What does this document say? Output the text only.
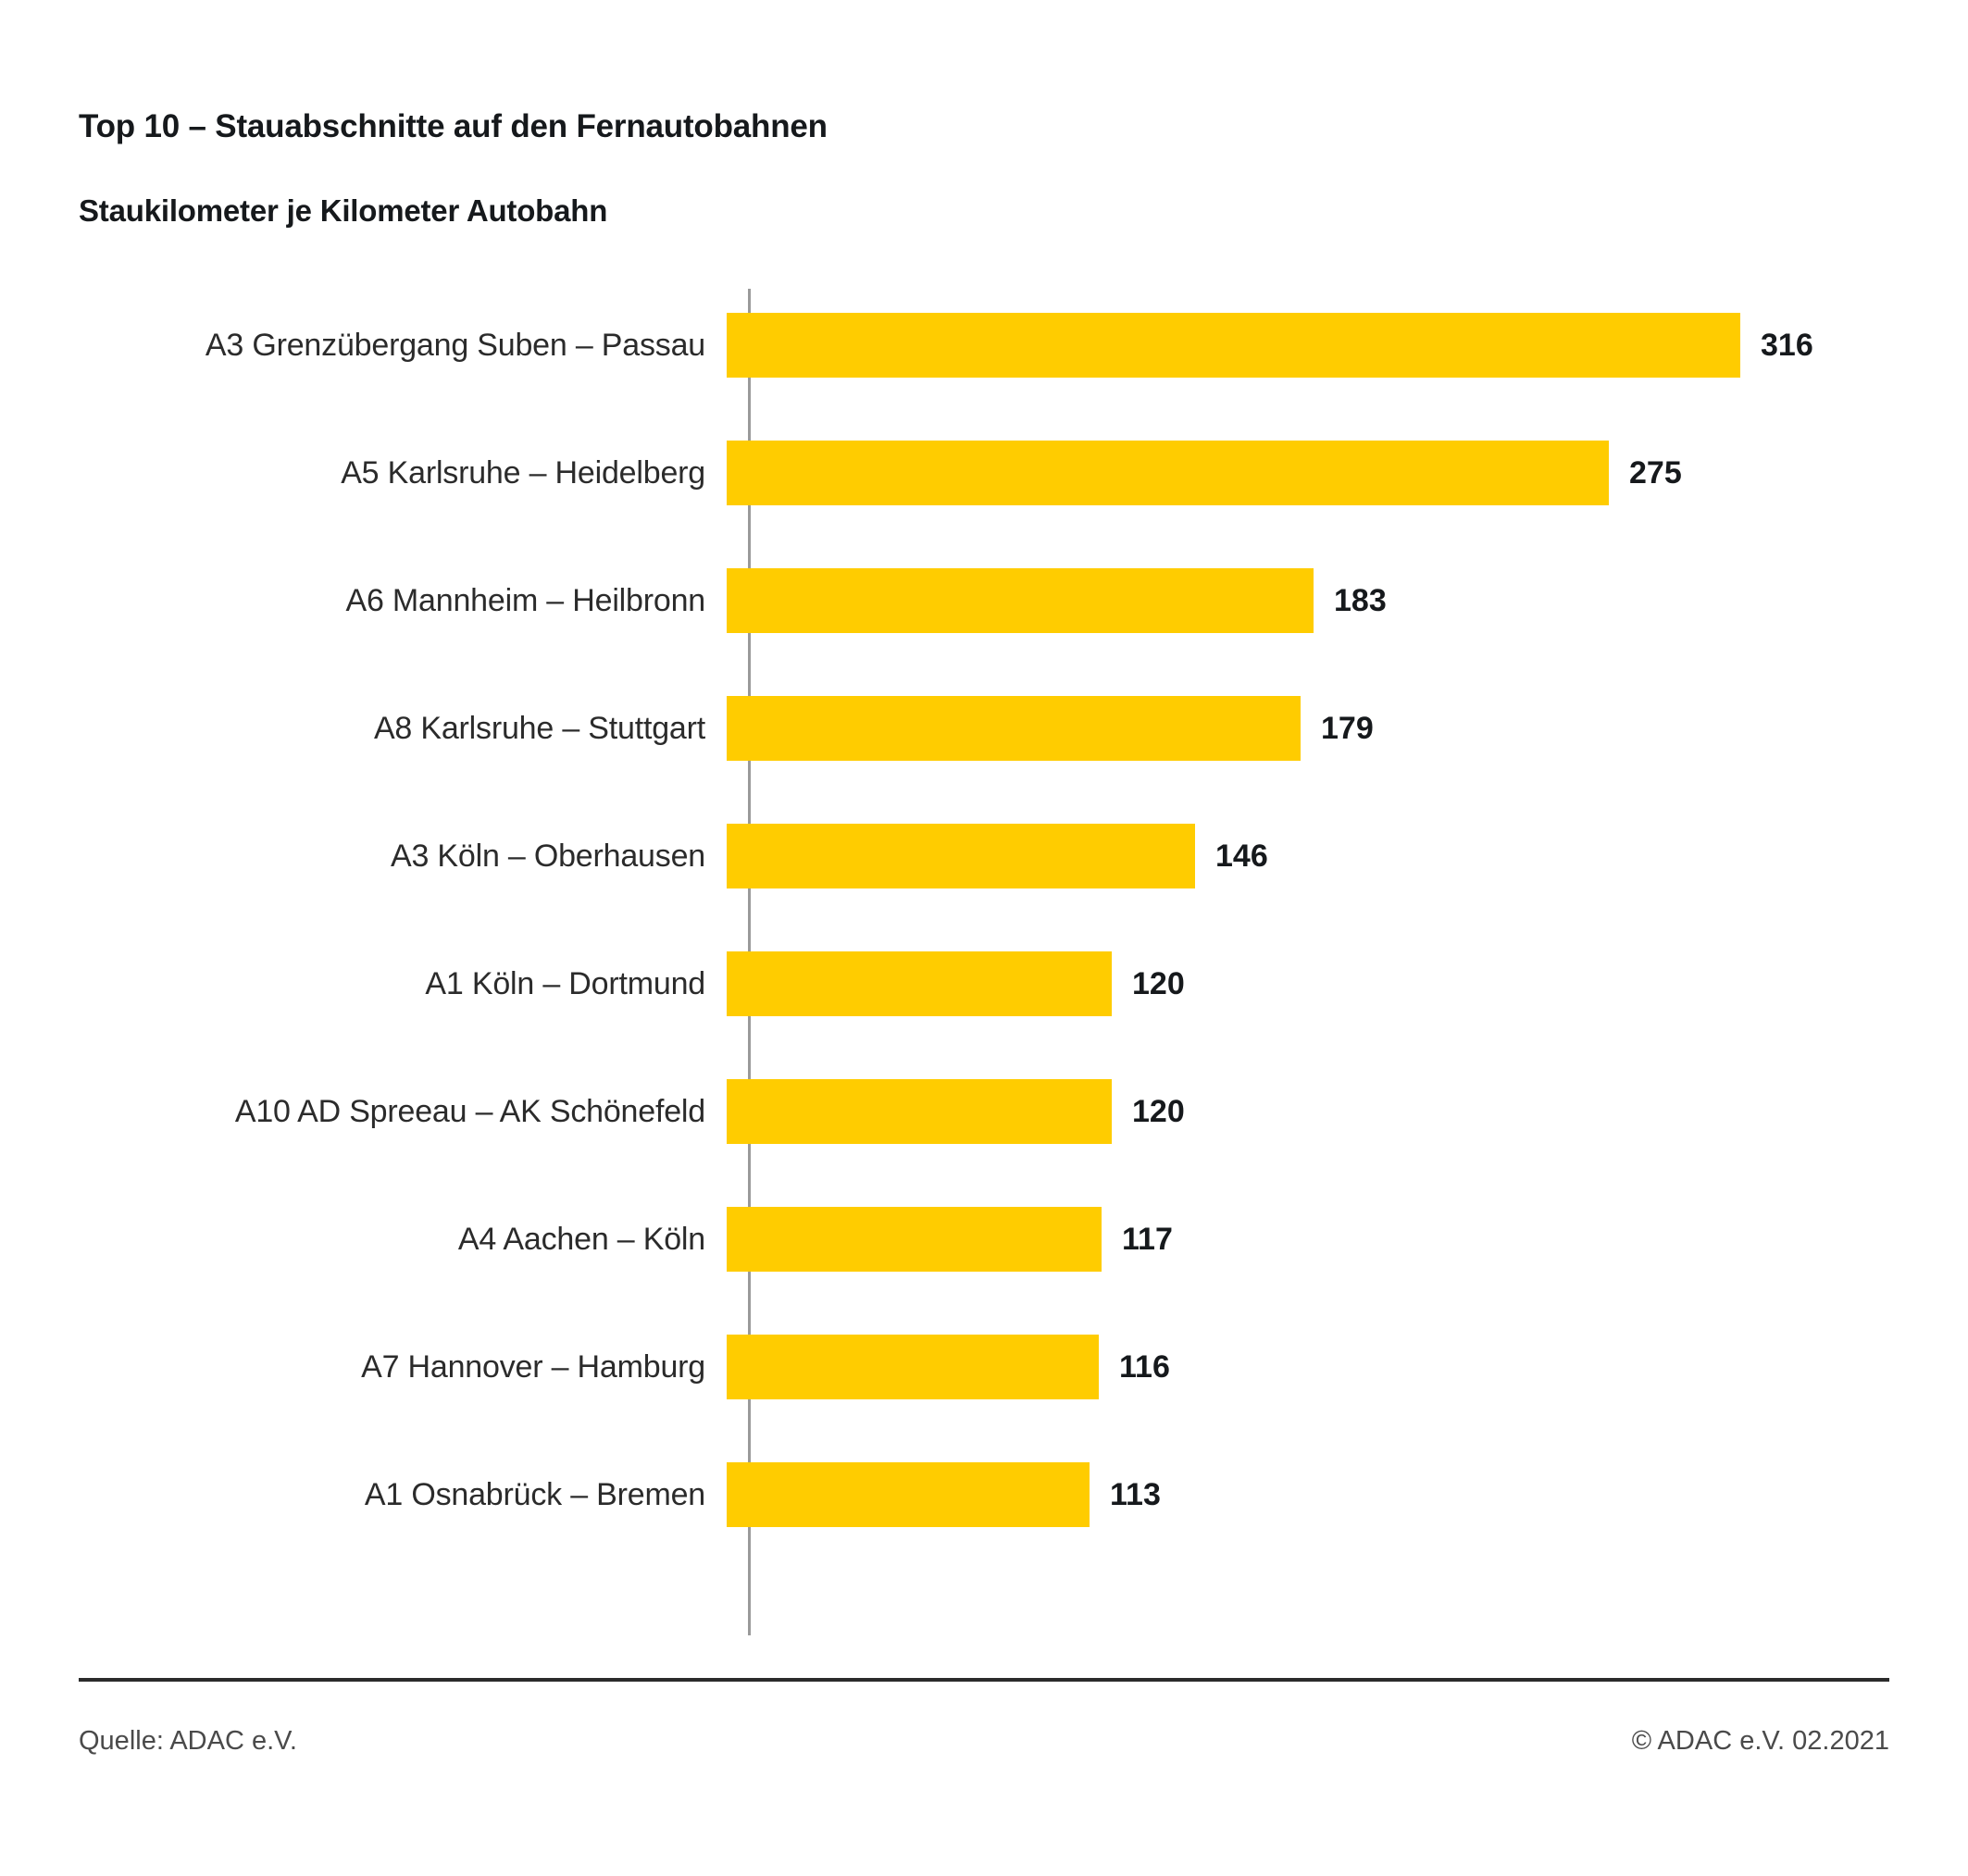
Top 10 – Stauabschnitte auf den Fernautobahnen
Staukilometer je Kilometer Autobahn
A3 Grenzübergang Suben – Passau	316
A5 Karlsruhe – Heidelberg	275
A6 Mannheim – Heilbronn	183
A8 Karlsruhe – Stuttgart	179
A3 Köln – Oberhausen	146
A1 Köln – Dortmund	120
A10 AD Spreeau – AK Schönefeld	120
A4 Aachen – Köln	117
A7 Hannover – Hamburg	116
A1 Osnabrück – Bremen	113
Quelle: ADAC e.V.	© ADAC e.V. 02.2021
